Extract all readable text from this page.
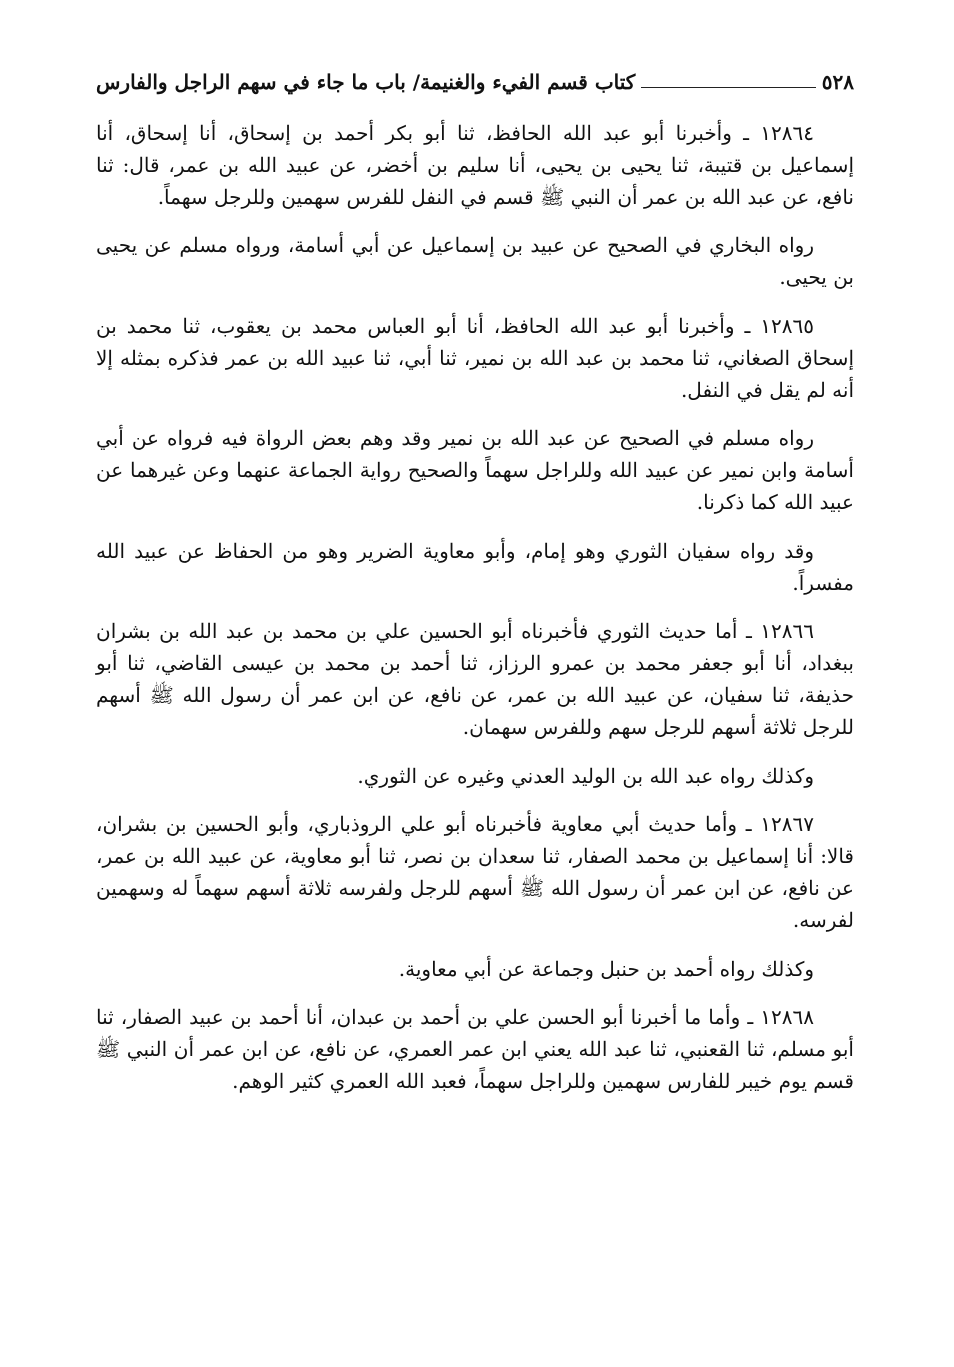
٥٢٨
كتاب قسم الفيء والغنيمة/ باب ما جاء في سهم الراجل والفارس

١٢٨٦٤ ـ وأخبرنا أبو عبد الله الحافظ، ثنا أبو بكر أحمد بن إسحاق، أنا إسحاق، أنا إسماعيل بن قتيبة، ثنا يحيى بن يحيى، أنا سليم بن أخضر، عن عبيد الله بن عمر، قال: ثنا نافع، عن عبد الله بن عمر أن النبي ﷺ قسم في النفل للفرس سهمين وللرجل سهماً.

رواه البخاري في الصحيح عن عبيد بن إسماعيل عن أبي أسامة، ورواه مسلم عن يحيى بن يحيى.

١٢٨٦٥ ـ وأخبرنا أبو عبد الله الحافظ، أنا أبو العباس محمد بن يعقوب، ثنا محمد بن إسحاق الصغاني، ثنا محمد بن عبد الله بن نمير، ثنا أبي، ثنا عبيد الله بن عمر فذكره بمثله إلا أنه لم يقل في النفل.

رواه مسلم في الصحيح عن عبد الله بن نمير وقد وهم بعض الرواة فيه فرواه عن أبي أسامة وابن نمير عن عبيد الله وللراجل سهماً والصحيح رواية الجماعة عنهما وعن غيرهما عن عبيد الله كما ذكرنا.

وقد رواه سفيان الثوري وهو إمام، وأبو معاوية الضرير وهو من الحفاظ عن عبيد الله مفسراً.

١٢٨٦٦ ـ أما حديث الثوري فأخبرناه أبو الحسين علي بن محمد بن عبد الله بن بشران ببغداد، أنا أبو جعفر محمد بن عمرو الرزاز، ثنا أحمد بن محمد بن عيسى القاضي، ثنا أبو حذيفة، ثنا سفيان، عن عبيد الله بن عمر، عن نافع، عن ابن عمر أن رسول الله ﷺ أسهم للرجل ثلاثة أسهم للرجل سهم وللفرس سهمان.

وكذلك رواه عبد الله بن الوليد العدني وغيره عن الثوري.

١٢٨٦٧ ـ وأما حديث أبي معاوية فأخبرناه أبو علي الروذباري، وأبو الحسين بن بشران، قالا: أنا إسماعيل بن محمد الصفار، ثنا سعدان بن نصر، ثنا أبو معاوية، عن عبيد الله بن عمر، عن نافع، عن ابن عمر أن رسول الله ﷺ أسهم للرجل ولفرسه ثلاثة أسهم سهماً له وسهمين لفرسه.

وكذلك رواه أحمد بن حنبل وجماعة عن أبي معاوية.

١٢٨٦٨ ـ وأما ما أخبرنا أبو الحسن علي بن أحمد بن عبدان، أنا أحمد بن عبيد الصفار، ثنا أبو مسلم، ثنا القعنبي، ثنا عبد الله يعني ابن عمر العمري، عن نافع، عن ابن عمر أن النبي ﷺ قسم يوم خيبر للفارس سهمين وللراجل سهماً، فعبد الله العمري كثير الوهم.
